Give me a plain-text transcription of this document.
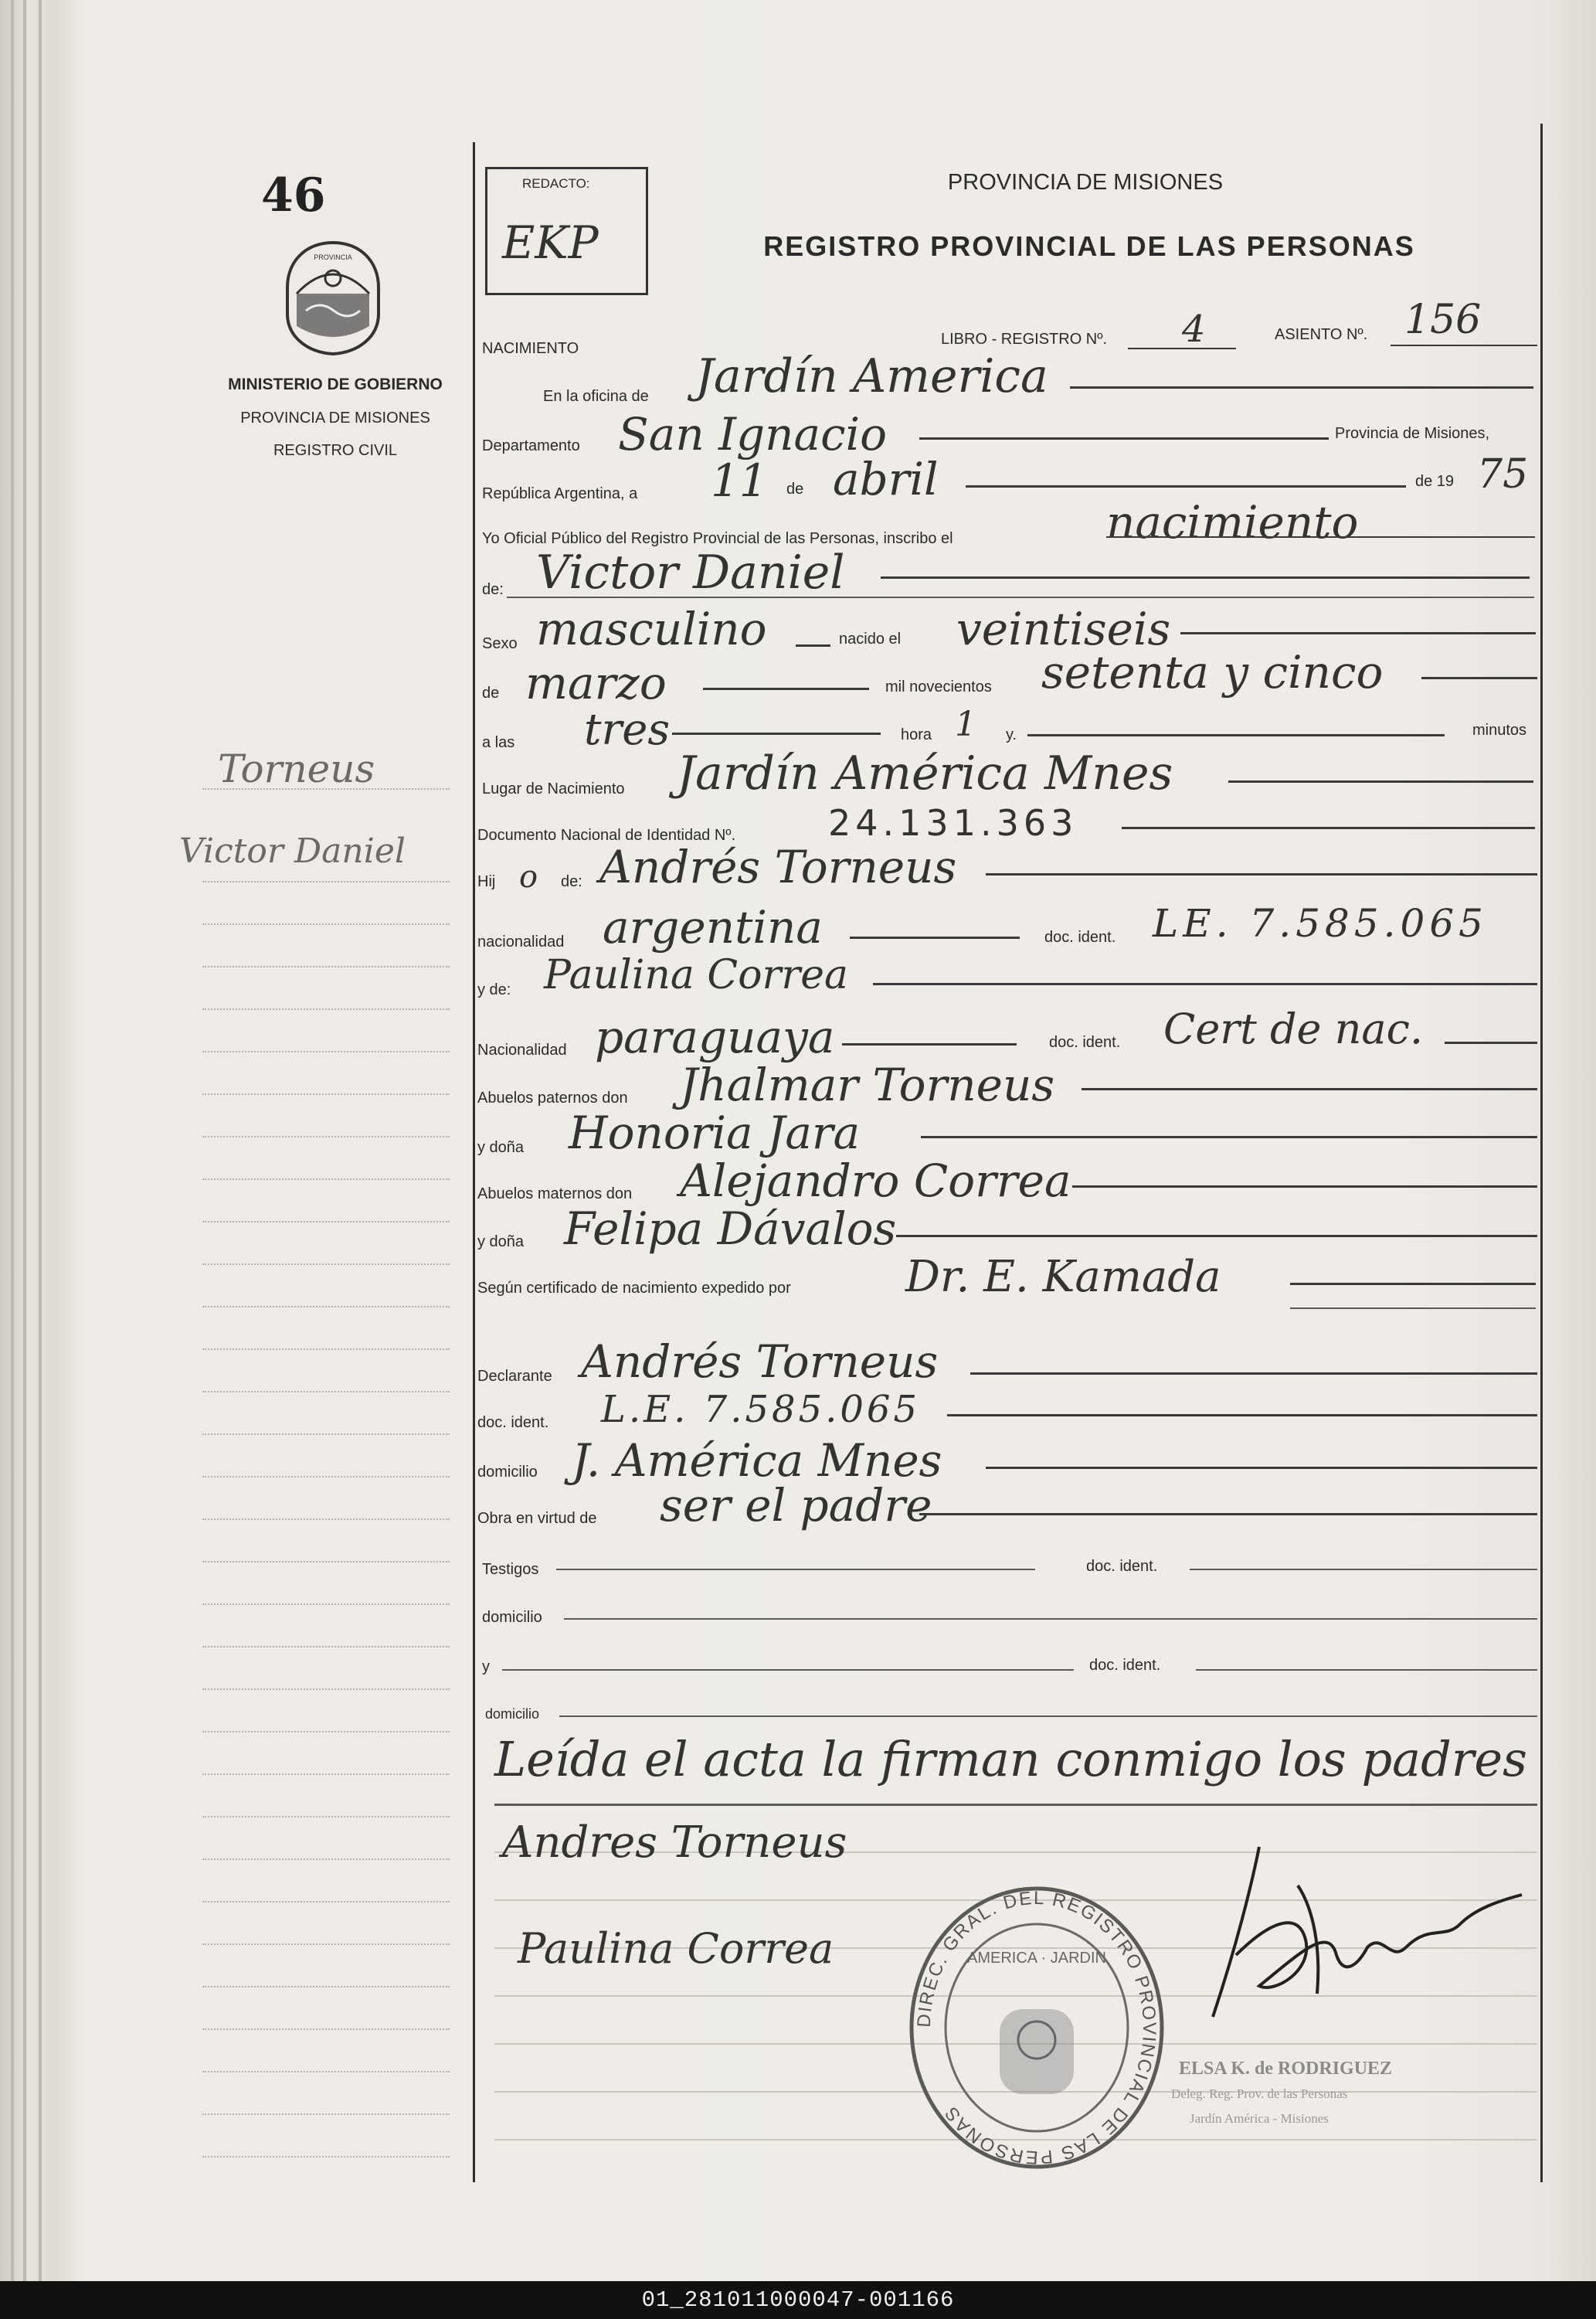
46
PROVINCIA
MISIONES
MINISTERIO DE GOBIERNO
PROVINCIA DE MISIONES
REGISTRO CIVIL
Torneus
Victor Daniel
REDACTO:
EKP
PROVINCIA DE MISIONES
REGISTRO PROVINCIAL DE LAS PERSONAS
NACIMIENTO
LIBRO - REGISTRO Nº. 4	ASIENTO Nº. 156
En la oficina de Jardín America
Departamento San Ignacio	Provincia de Misiones,
República Argentina, a 11 de abril	de 19 75
Yo Oficial Público del Registro Provincial de las Personas, inscribo el	nacimiento
de: Victor Daniel
Sexo masculino	nacido el veintiseis
de marzo	mil novecientos setenta y cinco
a las tres	hora 1 y.	minutos
Lugar de Nacimiento Jardín América Mnes
Documento Nacional de Identidad Nº.	24.131.363
Hij o de: Andrés Torneus
nacionalidad argentina	doc. ident. LE. 7.585.065
y de: Paulina Correa
Nacionalidad paraguaya	doc. ident. Cert de nac.
Abuelos paternos don Jhalmar Torneus
y doña Honoria Jara
Abuelos maternos don Alejandro Correa
y doña Felipa Dávalos
Según certificado de nacimiento expedido por	Dr. E. Kamada
Declarante Andrés Torneus
doc. ident. L.E. 7.585.065
domicilio J. América Mnes
Obra en virtud de ser el padre
Testigos	doc. ident.
domicilio
y	doc. ident.
domicilio
Leída el acta la firman conmigo los padres
Andres Torneus
Paulina Correa
DIREC. GRAL. DEL REGISTRO PROVINCIAL DE LAS PERSONAS
AMERICA · JARDIN
ELSA K. de RODRIGUEZ
Deleg. Reg. Prov. de las Personas
Jardín América - Misiones
01_281011000047-001166
